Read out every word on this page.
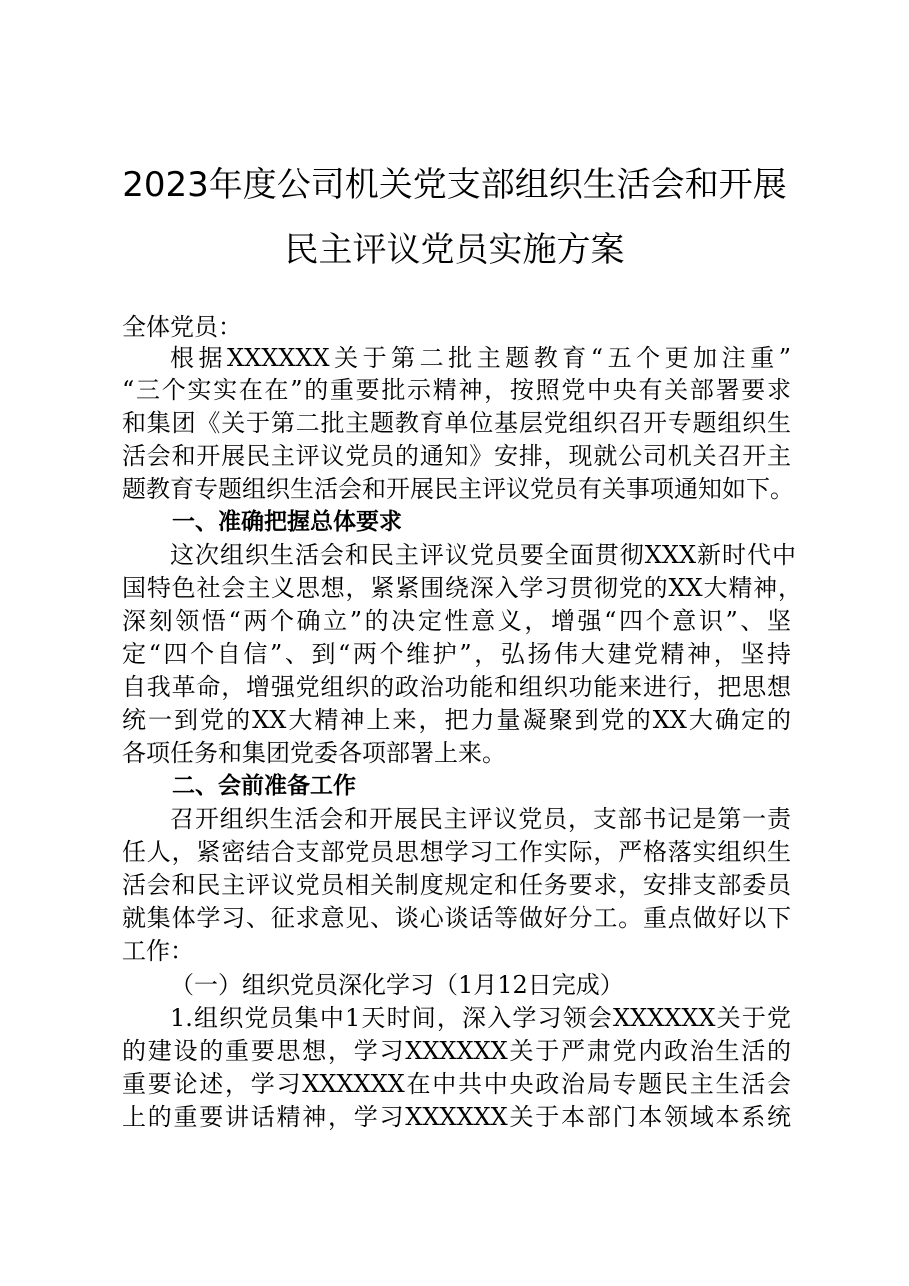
2023年度公司机关党支部组织生活会和开展
民主评议党员实施方案
全体党员：
根据XXXXXX关于第二批主题教育“五个更加注重”
“三个实实在在”的重要批示精神，按照党中央有关部署要求
和集团《关于第二批主题教育单位基层党组织召开专题组织生
活会和开展民主评议党员的通知》安排，现就公司机关召开主
题教育专题组织生活会和开展民主评议党员有关事项通知如下。
一、准确把握总体要求
这次组织生活会和民主评议党员要全面贯彻XXX新时代中
国特色社会主义思想，紧紧围绕深入学习贯彻党的XX大精神，
深刻领悟“两个确立”的决定性意义，增强“四个意识”、坚
定“四个自信”、到“两个维护”，弘扬伟大建党精神，坚持
自我革命，增强党组织的政治功能和组织功能来进行，把思想
统一到党的XX大精神上来，把力量凝聚到党的XX大确定的
各项任务和集团党委各项部署上来。
二、会前准备工作
召开组织生活会和开展民主评议党员，支部书记是第一责
任人，紧密结合支部党员思想学习工作实际，严格落实组织生
活会和民主评议党员相关制度规定和任务要求，安排支部委员
就集体学习、征求意见、谈心谈话等做好分工。重点做好以下
工作：
（一）组织党员深化学习（1月12日完成）
1.组织党员集中1天时间，深入学习领会XXXXXX关于党
的建设的重要思想，学习XXXXXX关于严肃党内政治生活的
重要论述，学习XXXXXX在中共中央政治局专题民主生活会
上的重要讲话精神，学习XXXXXX关于本部门本领域本系统
